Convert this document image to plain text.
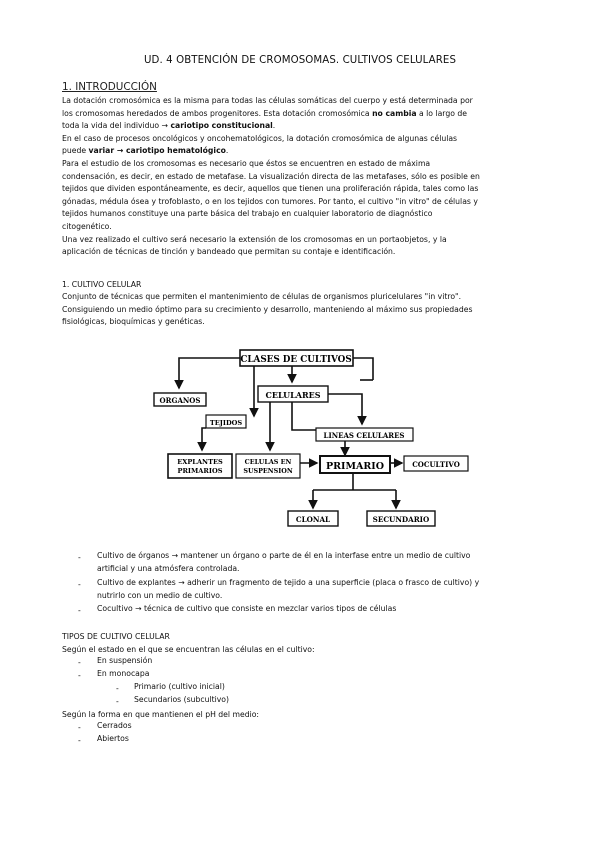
UD. 4 OBTENCIÓN DE CROMOSOMAS. CULTIVOS CELULARES
1. INTRODUCCIÓN
La dotación cromosómica es la misma para todas las células somáticas del cuerpo y está determinada por
los cromosomas heredados de ambos progenitores. Esta dotación cromosómica no cambia a lo largo de
toda la vida del individuo → cariotipo constitucional.
En el caso de procesos oncológicos y oncohematológicos, la dotación cromosómica de algunas células
puede variar → cariotipo hematológico.
Para el estudio de los cromosomas es necesario que éstos se encuentren en estado de máxima
condensación, es decir, en estado de metafase. La visualización directa de las metafases, sólo es posible en
tejidos que dividen espontáneamente, es decir, aquellos que tienen una proliferación rápida, tales como las
gónadas, médula ósea y trofoblasto, o en los tejidos con tumores. Por tanto, el cultivo "in vitro" de células y
tejidos humanos constituye una parte básica del trabajo en cualquier laboratorio de diagnóstico
citogenético.
Una vez realizado el cultivo será necesario la extensión de los cromosomas en un portaobjetos, y la
aplicación de técnicas de tinción y bandeado que permitan su contaje e identificación.
1. CULTIVO CELULAR
Conjunto de técnicas que permiten el mantenimiento de células de organismos pluricelulares "in vitro".
Consiguiendo un medio óptimo para su crecimiento y desarrollo, manteniendo al máximo sus propiedades
fisiológicas, bioquímicas y genéticas.
CLASES DE CULTIVOS
ORGANOS
TEJIDOS
CELULARES
LINEAS CELULARES
EXPLANTES
PRIMARIOS
CELULAS EN
SUSPENSION	PRIMARIO	COCULTIVO
CLONAL	SECUNDARIO
- Cultivo de órganos → mantener un órgano o parte de él en la interfase entre un medio de cultivo
artificial y una atmósfera controlada.
- Cultivo de explantes → adherir un fragmento de tejido a una superficie (placa o frasco de cultivo) y
nutrirlo con un medio de cultivo.
- Cocultivo → técnica de cultivo que consiste en mezclar varios tipos de células
TIPOS DE CULTIVO CELULAR
Según el estado en el que se encuentran las células en el cultivo:
- En suspensión
- En monocapa
- Primario (cultivo inicial)
- Secundarios (subcultivo)
Según la forma en que mantienen el pH del medio:
- Cerrados
- Abiertos
